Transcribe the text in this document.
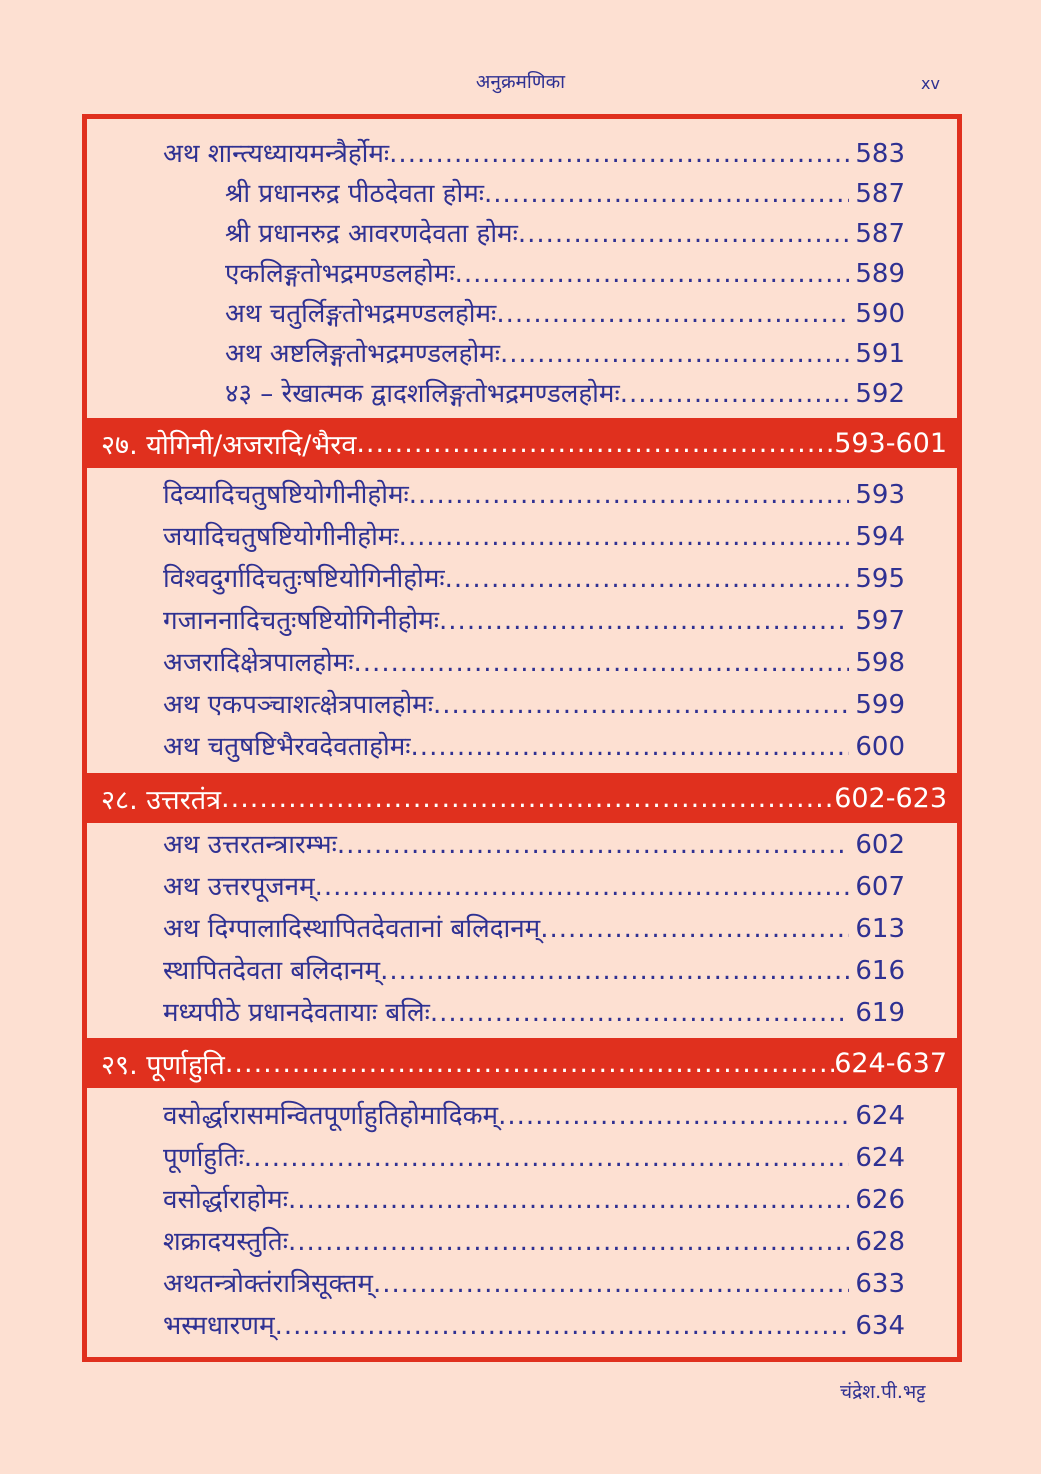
अनुक्रमणिका	xv
अथ शान्त्यध्यायमन्त्रैर्होमः .....	583
श्री प्रधानरुद्र पीठदेवता होमः .....	587
श्री प्रधानरुद्र आवरणदेवता होमः .....	587
एकलिङ्गतोभद्रमण्डलहोमः .....	589
अथ चतुर्लिङ्गतोभद्रमण्डलहोमः .....	590
अथ अष्टलिङ्गतोभद्रमण्डलहोमः .....	591
४३ – रेखात्मक द्वादशलिङ्गतोभद्रमण्डलहोमः .....	592
२७. योगिनी/अजरादि/भैरव .....	593-601
दिव्यादिचतुषष्टियोगीनीहोमः .....	593
जयादिचतुषष्टियोगीनीहोमः .....	594
विश्वदुर्गादिचतुःषष्टियोगिनीहोमः .....	595
गजाननादिचतुःषष्टियोगिनीहोमः .....	597
अजरादिक्षेत्रपालहोमः .....	598
अथ एकपञ्चाशत्क्षेत्रपालहोमः .....	599
अथ चतुषष्टिभैरवदेवताहोमः .....	600
२८. उत्तरतंत्र .....	602-623
अथ उत्तरतन्त्रारम्भः .....	602
अथ उत्तरपूजनम् .....	607
अथ दिग्पालादिस्थापितदेवतानां बलिदानम् .....	613
स्थापितदेवता बलिदानम् .....	616
मध्यपीठे प्रधानदेवतायाः बलिः .....	619
२९. पूर्णाहुति .....	624-637
वसोर्द्धारासमन्वितपूर्णाहुतिहोमादिकम् .....	624
पूर्णाहुतिः .....	624
वसोर्द्धाराहोमः .....	626
शक्रादयस्तुतिः .....	628
अथतन्त्रोक्तंरात्रिसूक्तम् .....	633
भस्मधारणम् .....	634
चंद्रेश.पी.भट्ट
